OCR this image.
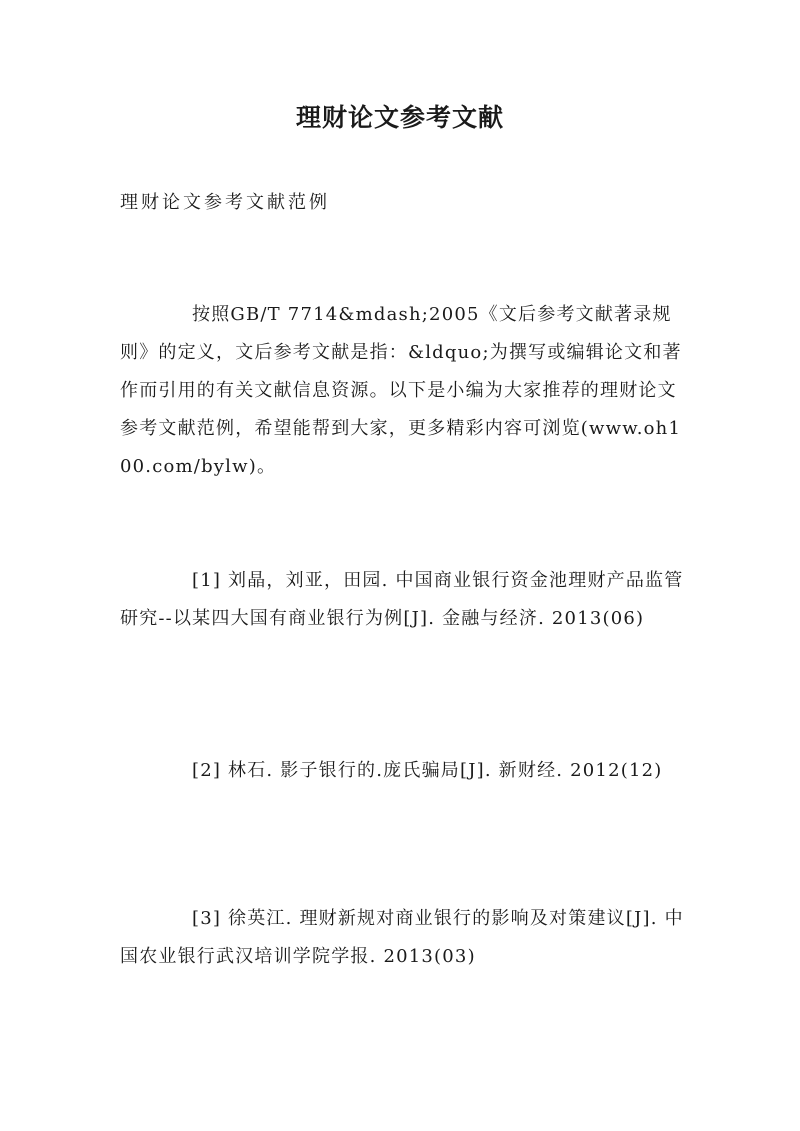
理财论文参考文献

理财论文参考文献范例

按照GB/T 7714&mdash;2005《文后参考文献著录规则》的定义，文后参考文献是指：&ldquo;为撰写或编辑论文和著作而引用的有关文献信息资源。以下是小编为大家推荐的理财论文参考文献范例，希望能帮到大家，更多精彩内容可浏览(www.oh100.com/bylw)。

[1] 刘晶，刘亚，田园. 中国商业银行资金池理财产品监管研究--以某四大国有商业银行为例[J]. 金融与经济. 2013(06)

[2] 林石. 影子银行的.庞氏骗局[J]. 新财经. 2012(12)

[3] 徐英江. 理财新规对商业银行的影响及对策建议[J]. 中国农业银行武汉培训学院学报. 2013(03)
